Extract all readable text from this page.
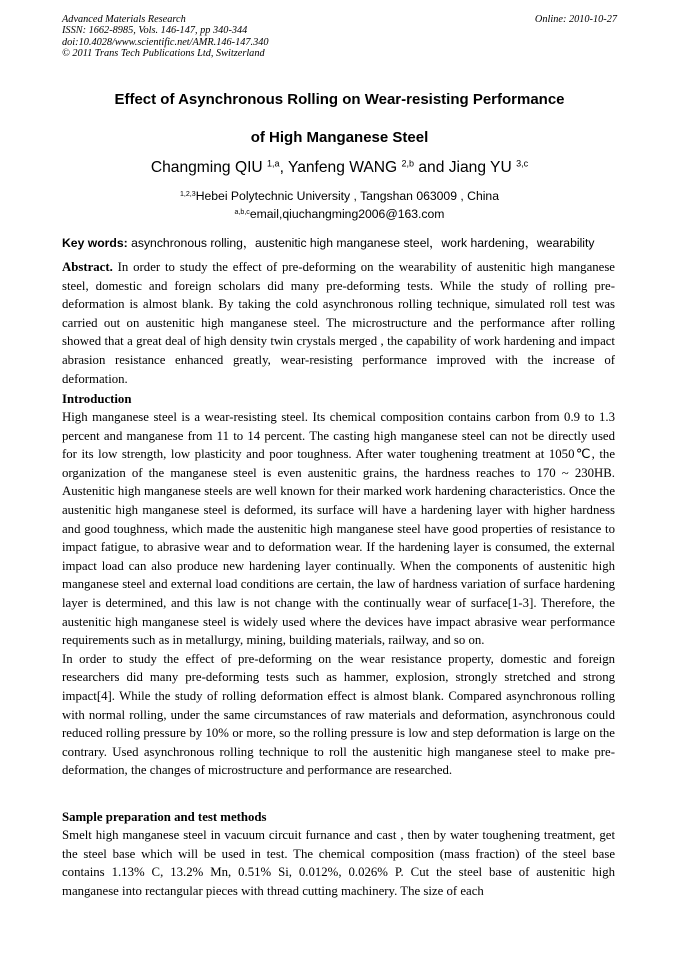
Advanced Materials Research
ISSN: 1662-8985, Vols. 146-147, pp 340-344
doi:10.4028/www.scientific.net/AMR.146-147.340
© 2011 Trans Tech Publications Ltd, Switzerland
Online: 2010-10-27
Effect of Asynchronous Rolling on Wear-resisting Performance
of High Manganese Steel
Changming QIU $^{1,a}$, Yanfeng WANG $^{2,b}$ and Jiang YU $^{3,c}$
$^{1,2,3}$Hebei Polytechnic University , Tangshan 063009 , China
$^{a,b,c}$email,qiuchangming2006@163.com
Key words: asynchronous rolling，austenitic high manganese steel，work hardening，wearability

Abstract. In order to study the effect of pre-deforming on the wearability of austenitic high manganese steel, domestic and foreign scholars did many pre-deforming tests. While the study of rolling pre-deformation is almost blank. By taking the cold asynchronous rolling technique, simulated roll test was carried out on austenitic high manganese steel. The microstructure and the performance after rolling showed that a great deal of high density twin crystals merged , the capability of work hardening and impact abrasion resistance enhanced greatly, wear-resisting performance improved with the increase of deformation.

Introduction

High manganese steel is a wear-resisting steel. Its chemical composition contains carbon from 0.9 to 1.3 percent and manganese from 11 to 14 percent. The casting high manganese steel can not be directly used for its low strength, low plasticity and poor toughness. After water toughening treatment at 1050℃, the organization of the manganese steel is even austenitic grains, the hardness reaches to 170 ~ 230HB. Austenitic high manganese steels are well known for their marked work hardening characteristics. Once the austenitic high manganese steel is deformed, its surface will have a hardening layer with higher hardness and good toughness, which made the austenitic high manganese steel have good properties of resistance to impact fatigue, to abrasive wear and to deformation wear. If the hardening layer is consumed, the external impact load can also produce new hardening layer continually. When the components of austenitic high manganese steel and external load conditions are certain, the law of hardness variation of surface hardening layer is determined, and this law is not change with the continually wear of surface[1-3]. Therefore, the austenitic high manganese steel is widely used where the devices have impact abrasive wear performance requirements such as in metallurgy, mining, building materials, railway, and so on.

In order to study the effect of pre-deforming on the wear resistance property, domestic and foreign researchers did many pre-deforming tests such as hammer, explosion, strongly stretched and strong impact[4]. While the study of rolling deformation effect is almost blank. Compared asynchronous rolling with normal rolling, under the same circumstances of raw materials and deformation, asynchronous could reduced rolling pressure by 10% or more, so the rolling pressure is low and step deformation is large on the contrary. Used asynchronous rolling technique to roll the austenitic high manganese steel to make pre-deformation, the changes of microstructure and performance are researched.

Sample preparation and test methods

Smelt high manganese steel in vacuum circuit furnance and cast , then by water toughening treatment, get the steel base which will be used in test. The chemical composition (mass fraction) of the steel base contains 1.13% C, 13.2% Mn, 0.51% Si, 0.012%, 0.026% P. Cut the steel base of austenitic high manganese into rectangular pieces with thread cutting machinery. The size of each
